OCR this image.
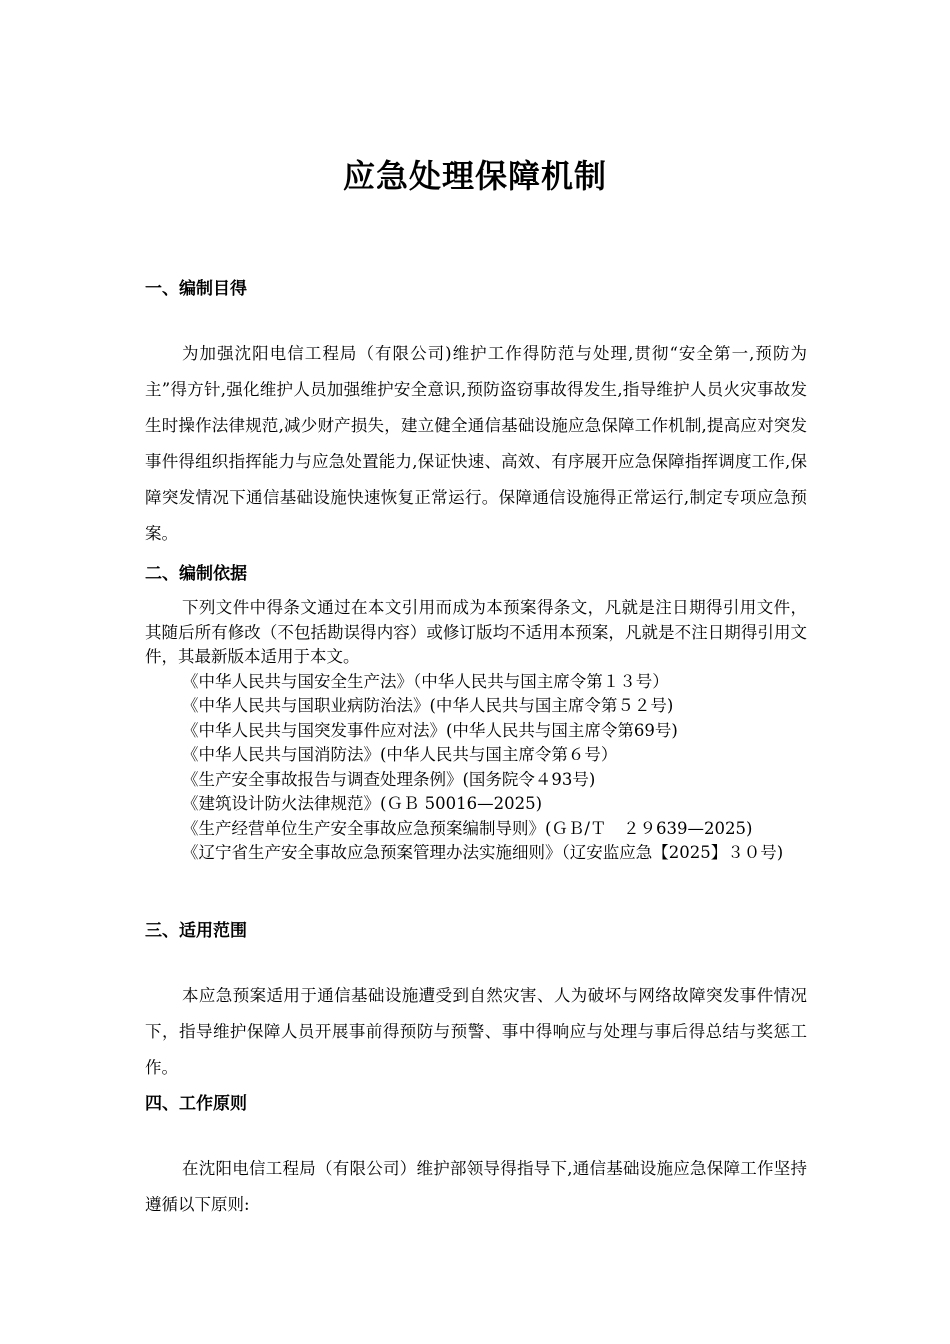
应急处理保障机制
一、编制目得

为加强沈阳电信工程局（有限公司)维护工作得防范与处理,贯彻“安全第一,预防为主”得方针,强化维护人员加强维护安全意识,预防盗窃事故得发生,指导维护人员火灾事故发生时操作法律规范,减少财产损失，建立健全通信基础设施应急保障工作机制,提高应对突发事件得组织指挥能力与应急处置能力,保证快速、高效、有序展开应急保障指挥调度工作,保障突发情况下通信基础设施快速恢复正常运行。保障通信设施得正常运行,制定专项应急预案。

二、编制依据

下列文件中得条文通过在本文引用而成为本预案得条文，凡就是注日期得引用文件，其随后所有修改（不包括勘误得内容）或修订版均不适用本预案，凡就是不注日期得引用文件，其最新版本适用于本文。

《中华人民共与国安全生产法》（中华人民共与国主席令第１３号）

《中华人民共与国职业病防治法》(中华人民共与国主席令第５２号)

《中华人民共与国突发事件应对法》(中华人民共与国主席令第69号)

《中华人民共与国消防法》(中华人民共与国主席令第６号）

《生产安全事故报告与调查处理条例》(国务院令４93号)

《建筑设计防火法律规范》(ＧＢ 50016—2025)

《生产经营单位生产安全事故应急预案编制导则》(ＧＢ/Ｔ　２９639—2025)

《辽宁省生产安全事故应急预案管理办法实施细则》（辽安监应急【2025】３０号)

三、适用范围

本应急预案适用于通信基础设施遭受到自然灾害、人为破坏与网络故障突发事件情况下，指导维护保障人员开展事前得预防与预警、事中得响应与处理与事后得总结与奖惩工作。

四、工作原则

在沈阳电信工程局（有限公司）维护部领导得指导下,通信基础设施应急保障工作坚持遵循以下原则:
